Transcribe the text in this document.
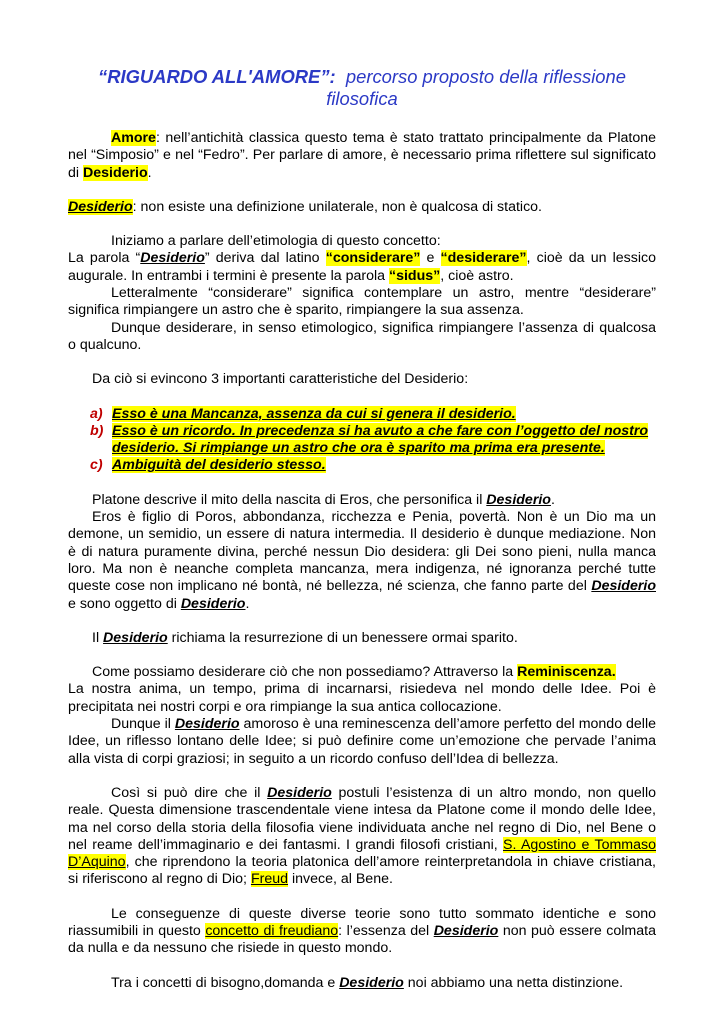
“RIGUARDO ALL'AMORE”: percorso proposto della riflessione filosofica

Amore: nell’antichità classica questo tema è stato trattato principalmente da Platone nel “Simposio” e nel “Fedro”. Per parlare di amore, è necessario prima riflettere sul significato di Desiderio.

Desiderio: non esiste una definizione unilaterale, non è qualcosa di statico.

Iniziamo a parlare dell’etimologia di questo concetto:

La parola “Desiderio” deriva dal latino “considerare” e “desiderare”, cioè da un lessico augurale. In entrambi i termini è presente la parola “sidus”, cioè astro.

Letteralmente “considerare” significa contemplare un astro, mentre “desiderare” significa rimpiangere un astro che è sparito, rimpiangere la sua assenza.

Dunque desiderare, in senso etimologico, significa rimpiangere l’assenza di qualcosa o qualcuno.

Da ciò si evincono 3 importanti caratteristiche del Desiderio:

a) Esso è una Mancanza, assenza da cui si genera il desiderio.
b) Esso è un ricordo. In precedenza si ha avuto a che fare con l’oggetto del nostro desiderio. Si rimpiange un astro che ora è sparito ma prima era presente.
c) Ambiguità del desiderio stesso.

Platone descrive il mito della nascita di Eros, che personifica il Desiderio.

Eros è figlio di Poros, abbondanza, ricchezza e Penia, povertà. Non è un Dio ma un demone, un semidio, un essere di natura intermedia. Il desiderio è dunque mediazione. Non è di natura puramente divina, perché nessun Dio desidera: gli Dei sono pieni, nulla manca loro. Ma non è neanche completa mancanza, mera indigenza, né ignoranza perché tutte queste cose non implicano né bontà, né bellezza, né scienza, che fanno parte del Desiderio e sono oggetto di Desiderio.

Il Desiderio richiama la resurrezione di un benessere ormai sparito.

Come possiamo desiderare ciò che non possediamo? Attraverso la Reminiscenza.

La nostra anima, un tempo, prima di incarnarsi, risiedeva nel mondo delle Idee. Poi è precipitata nei nostri corpi e ora rimpiange la sua antica collocazione.

Dunque il Desiderio amoroso è una reminescenza dell’amore perfetto del mondo delle Idee, un riflesso lontano delle Idee; si può definire come un’emozione che pervade l’anima alla vista di corpi graziosi; in seguito a un ricordo confuso dell’Idea di bellezza.

Così si può dire che il Desiderio postuli l’esistenza di un altro mondo, non quello reale. Questa dimensione trascendentale viene intesa da Platone come il mondo delle Idee, ma nel corso della storia della filosofia viene individuata anche nel regno di Dio, nel Bene o nel reame dell’immaginario e dei fantasmi. I grandi filosofi cristiani, S. Agostino e Tommaso D’Aquino, che riprendono la teoria platonica dell’amore reinterpretandola in chiave cristiana, si riferiscono al regno di Dio; Freud invece, al Bene.

Le conseguenze di queste diverse teorie sono tutto sommato identiche e sono riassumibili in questo concetto di freudiano: l’essenza del Desiderio non può essere colmata da nulla e da nessuno che risiede in questo mondo.

Tra i concetti di bisogno,domanda e Desiderio noi abbiamo una netta distinzione.
